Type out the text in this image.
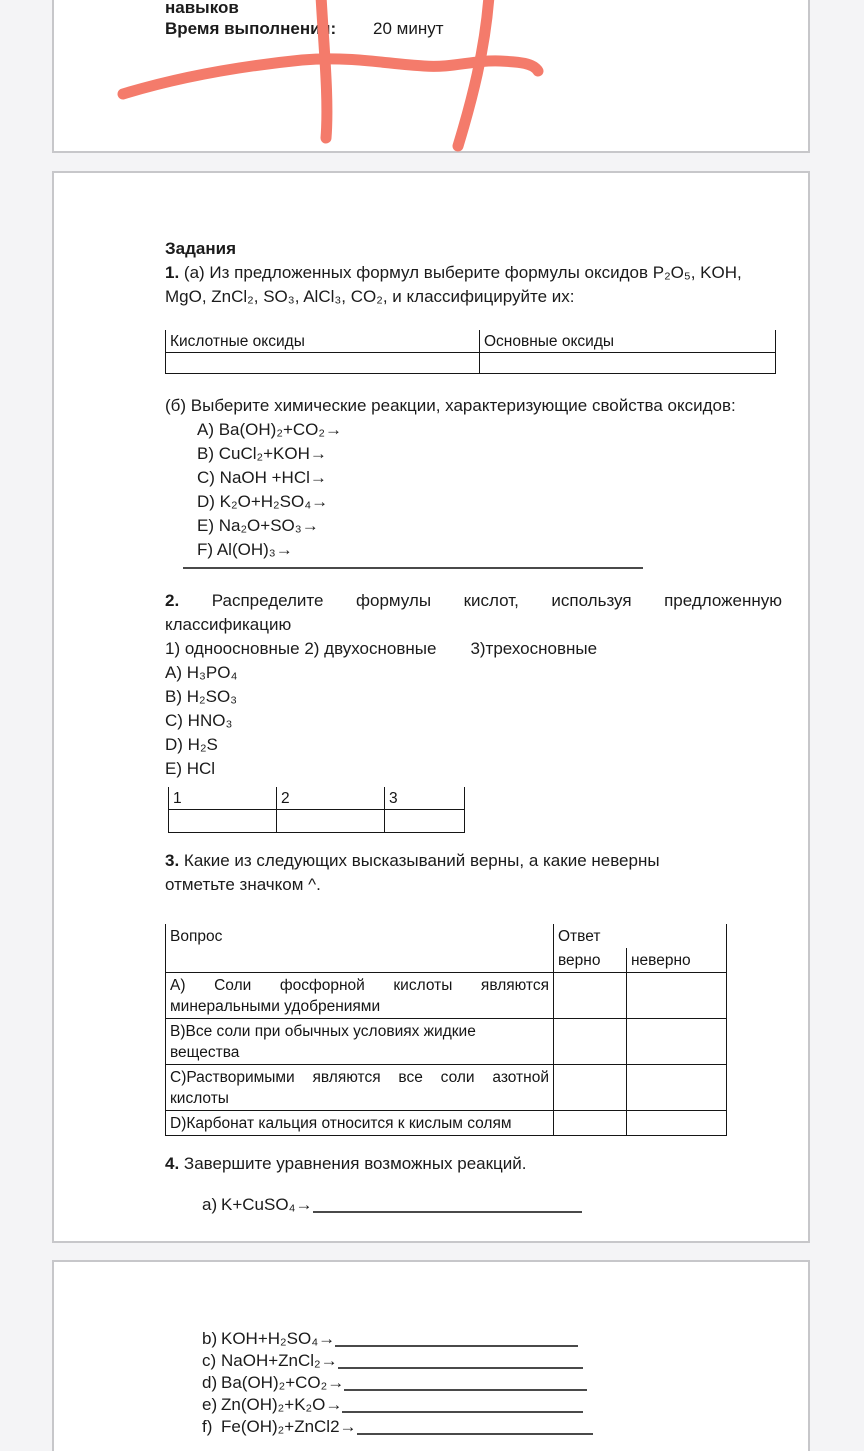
навыков
Время выполнения: 20 минут
Задания
1. (а) Из предложенных формул выберите формулы оксидов P₂O₅, KOH,
MgO, ZnCl₂, SO₃, AlCl₃, CO₂, и классифицируйте их:
Кислотные оксиды	Основные оксиды

(б) Выберите химические реакции, характеризующие свойства оксидов:
A) Ba(OH)₂+CO₂→
B) CuCl₂+KOH→
C) NaOH +HCl→
D) K₂O+H₂SO₄→
E) Na₂O+SO₃→
F) Al(OH)₃→
2. Распределите формулы кислот, используя предложенную
классификацию
1) одноосновные 2) двухосновные 3)трехосновные
A) H₃PO₄
B) H₂SO₃
C) HNO₃
D) H₂S
E) HCl
1	2	3

3. Какие из следующих высказываний верны, а какие неверны
отметьте значком ^.
Вопрос	Ответ	
	верно	неверно

A) Соли фосфорной кислоты являются
минеральными удобрениями		

B)Все соли при обычных условиях жидкие вещества		

C)Растворимыми являются все соли азотной
кислоты		

D)Карбонат кальция относится к кислым солям		
4. Завершите уравнения возможных реакций.
а) K+CuSO₄→
b) KOH+H₂SO₄→
c) NaOH+ZnCl₂→
d) Ba(OH)₂+CO₂→
e) Zn(OH)₂+K₂O→
f) Fe(OH)₂+ZnCl2→
